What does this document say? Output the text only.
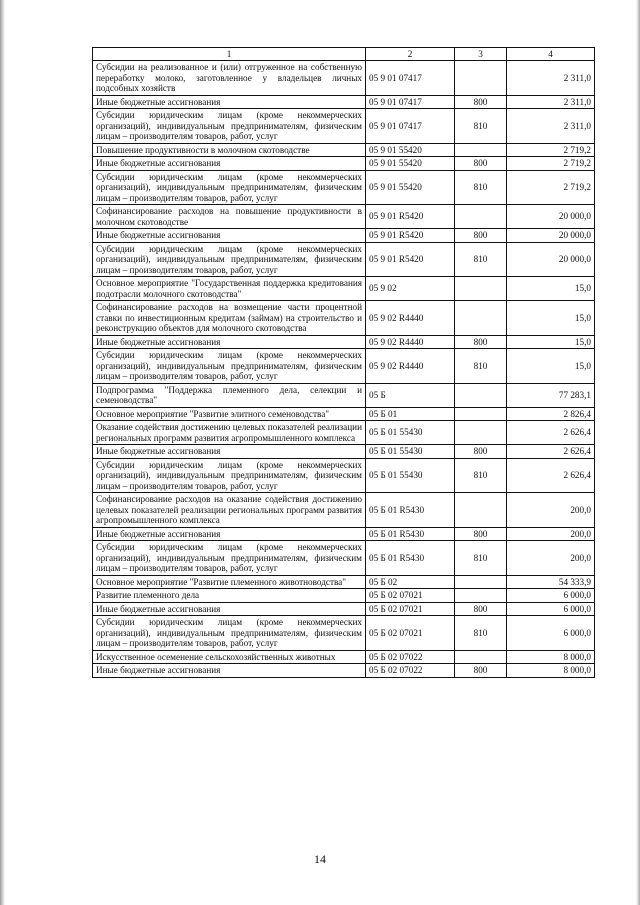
1	2	3	4
Субсидии на реализованное и (или) отгруженное на собственную переработку молоко, заготовленное у владельцев личных подсобных хозяйств	05 9 01 07417		2 311,0
Иные бюджетные ассигнования	05 9 01 07417	800	2 311,0
Субсидии юридическим лицам (кроме некоммерческих организаций), индивидуальным предпринимателям, физическим лицам – производителям товаров, работ, услуг	05 9 01 07417	810	2 311,0
Повышение продуктивности в молочном скотоводстве	05 9 01 55420		2 719,2
Иные бюджетные ассигнования	05 9 01 55420	800	2 719,2
Субсидии юридическим лицам (кроме некоммерческих организаций), индивидуальным предпринимателям, физическим лицам – производителям товаров, работ, услуг	05 9 01 55420	810	2 719,2
Софинансирование расходов на повышение продуктивности в молочном скотоводстве	05 9 01 R5420		20 000,0
Иные бюджетные ассигнования	05 9 01 R5420	800	20 000,0
Субсидии юридическим лицам (кроме некоммерческих организаций), индивидуальным предпринимателям, физическим лицам – производителям товаров, работ, услуг	05 9 01 R5420	810	20 000,0
Основное мероприятие "Государственная поддержка кредитования подотрасли молочного скотоводства"	05 9 02		15,0
Софинансирование расходов на возмещение части процентной ставки по инвестиционным кредитам (займам) на строительство и реконструкцию объектов для молочного скотоводства	05 9 02 R4440		15,0
Иные бюджетные ассигнования	05 9 02 R4440	800	15,0
Субсидии юридическим лицам (кроме некоммерческих организаций), индивидуальным предпринимателям, физическим лицам – производителям товаров, работ, услуг	05 9 02 R4440	810	15,0
Подпрограмма "Поддержка племенного дела, селекции и семеноводства"	05 Б		77 283,1
Основное мероприятие "Развитие элитного семеноводства"	05 Б 01		2 826,4
Оказание содействия достижению целевых показателей реализации региональных программ развития агропромышленного комплекса	05 Б 01 55430		2 626,4
Иные бюджетные ассигнования	05 Б 01 55430	800	2 626,4
Субсидии юридическим лицам (кроме некоммерческих организаций), индивидуальным предпринимателям, физическим лицам – производителям товаров, работ, услуг	05 Б 01 55430	810	2 626,4
Софинансирование расходов на оказание содействия достижению целевых показателей реализации региональных программ развития агропромышленного комплекса	05 Б 01 R5430		200,0
Иные бюджетные ассигнования	05 Б 01 R5430	800	200,0
Субсидии юридическим лицам (кроме некоммерческих организаций), индивидуальным предпринимателям, физическим лицам – производителям товаров, работ, услуг	05 Б 01 R5430	810	200,0
Основное мероприятие "Развитие племенного животноводства"	05 Б 02		54 333,9
Развитие племенного дела	05 Б 02 07021		6 000,0
Иные бюджетные ассигнования	05 Б 02 07021	800	6 000,0
Субсидии юридическим лицам (кроме некоммерческих организаций), индивидуальным предпринимателям, физическим лицам – производителям товаров, работ, услуг	05 Б 02 07021	810	6 000,0
Искусственное осеменение сельскохозяйственных животных	05 Б 02 07022		8 000,0
Иные бюджетные ассигнования	05 Б 02 07022	800	8 000,0
14
